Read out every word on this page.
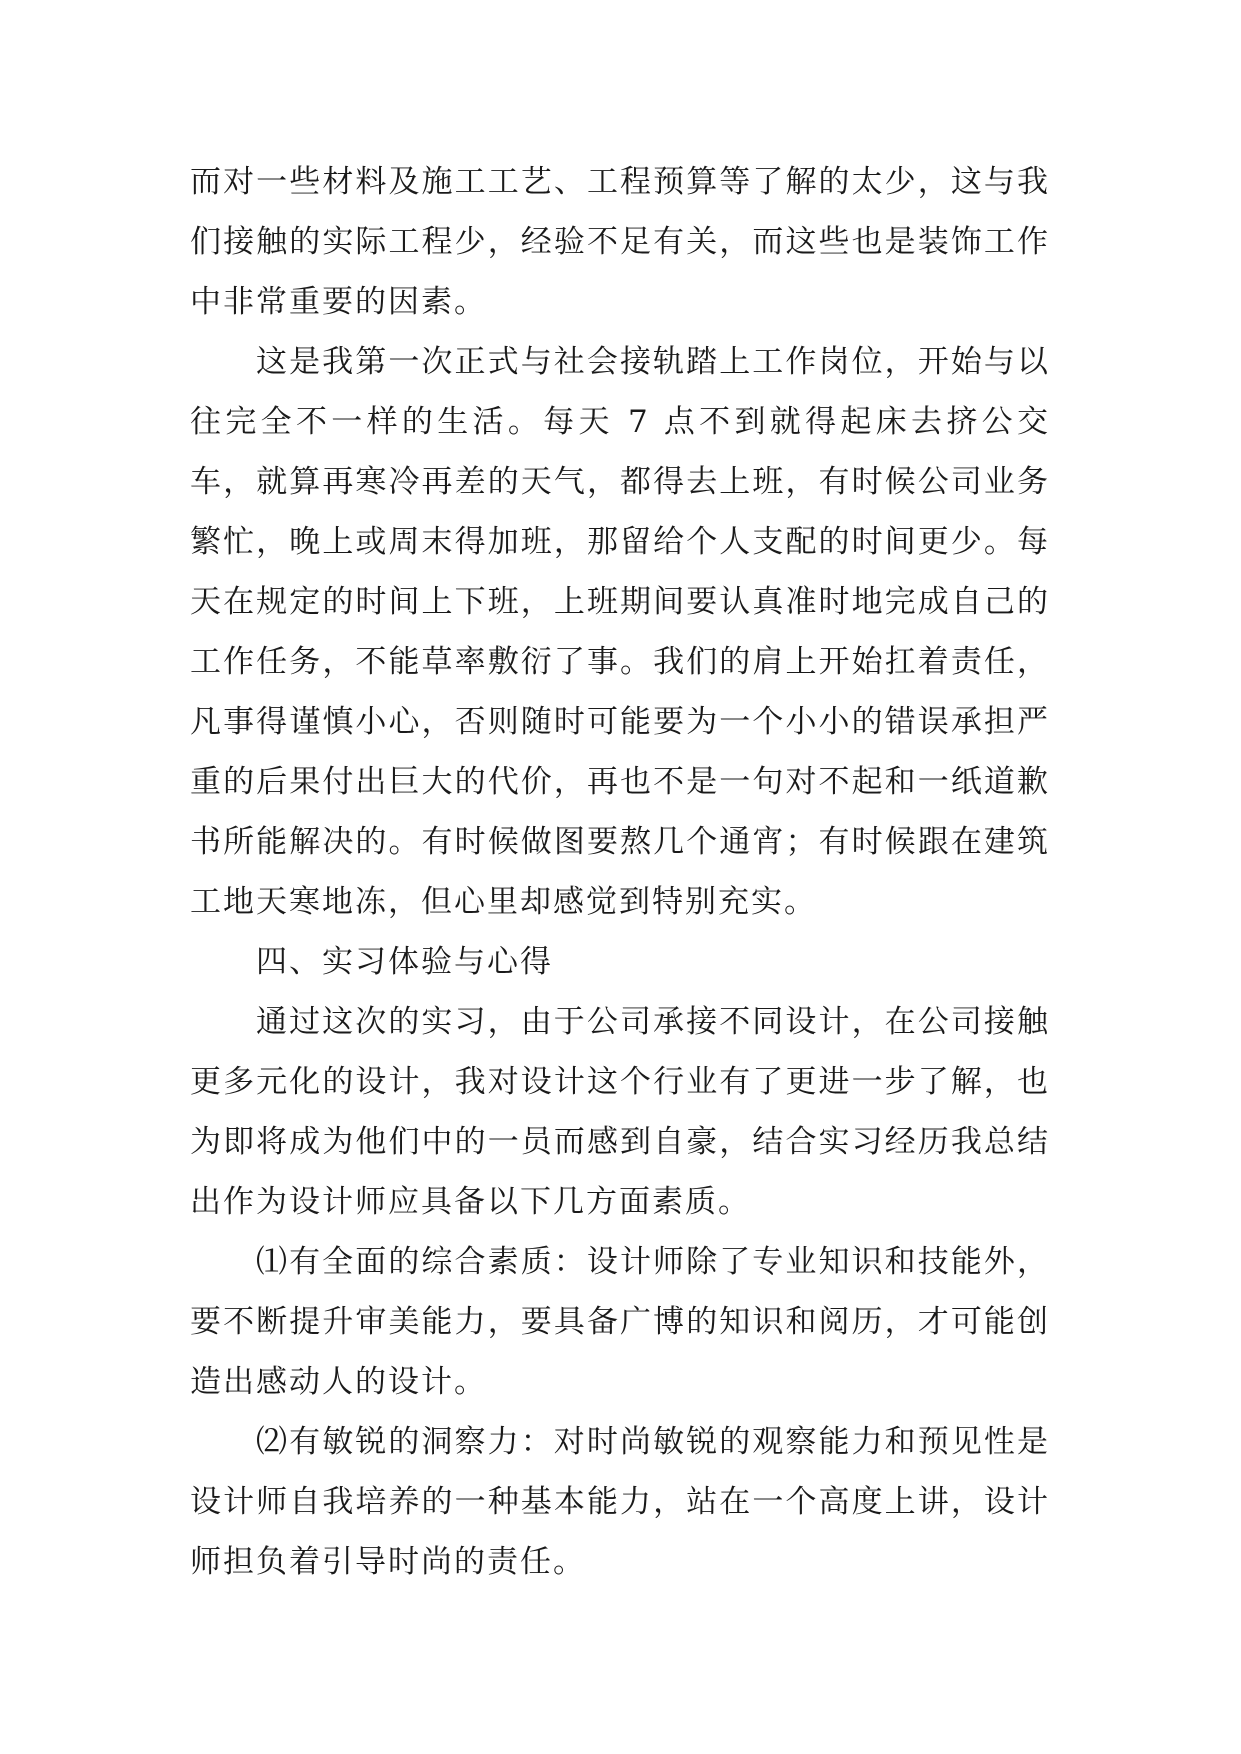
而对一些材料及施工工艺、工程预算等了解的太少，这与我们接触的实际工程少，经验不足有关，而这些也是装饰工作中非常重要的因素。

这是我第一次正式与社会接轨踏上工作岗位，开始与以往完全不一样的生活。每天 7 点不到就得起床去挤公交车，就算再寒冷再差的天气，都得去上班，有时候公司业务繁忙，晚上或周末得加班，那留给个人支配的时间更少。每天在规定的时间上下班，上班期间要认真准时地完成自己的工作任务，不能草率敷衍了事。我们的肩上开始扛着责任，凡事得谨慎小心，否则随时可能要为一个小小的错误承担严重的后果付出巨大的代价，再也不是一句对不起和一纸道歉书所能解决的。有时候做图要熬几个通宵；有时候跟在建筑工地天寒地冻，但心里却感觉到特别充实。

四、实习体验与心得

通过这次的实习，由于公司承接不同设计，在公司接触更多元化的设计，我对设计这个行业有了更进一步了解，也为即将成为他们中的一员而感到自豪，结合实习经历我总结出作为设计师应具备以下几方面素质。

⑴有全面的综合素质：设计师除了专业知识和技能外，要不断提升审美能力，要具备广博的知识和阅历，才可能创造出感动人的设计。

⑵有敏锐的洞察力：对时尚敏锐的观察能力和预见性是设计师自我培养的一种基本能力，站在一个高度上讲，设计师担负着引导时尚的责任。
